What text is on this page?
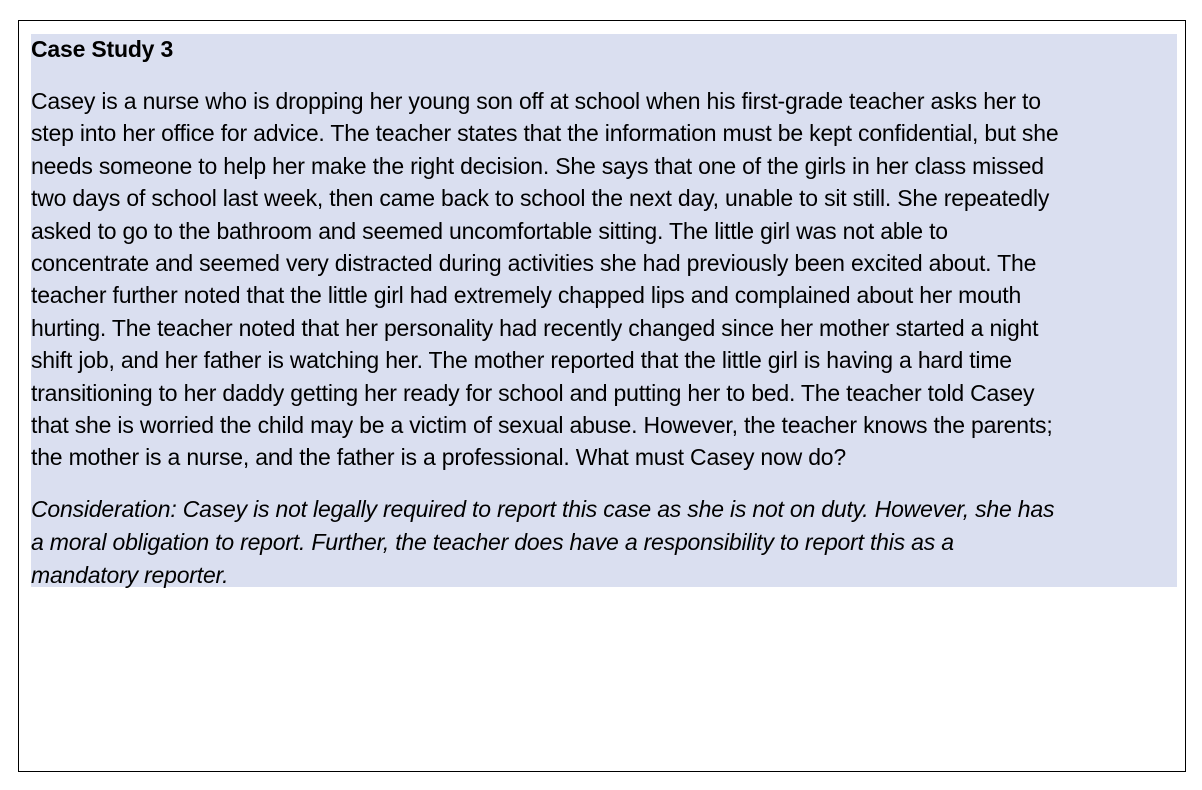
Case Study 3
Casey is a nurse who is dropping her young son off at school when his first-grade teacher asks her to
step into her office for advice. The teacher states that the information must be kept confidential, but she
needs someone to help her make the right decision. She says that one of the girls in her class missed
two days of school last week, then came back to school the next day, unable to sit still. She repeatedly
asked to go to the bathroom and seemed uncomfortable sitting. The little girl was not able to
concentrate and seemed very distracted during activities she had previously been excited about. The
teacher further noted that the little girl had extremely chapped lips and complained about her mouth
hurting. The teacher noted that her personality had recently changed since her mother started a night
shift job, and her father is watching her. The mother reported that the little girl is having a hard time
transitioning to her daddy getting her ready for school and putting her to bed. The teacher told Casey
that she is worried the child may be a victim of sexual abuse. However, the teacher knows the parents;
the mother is a nurse, and the father is a professional. What must Casey now do?
Consideration: Casey is not legally required to report this case as she is not on duty. However, she has
a moral obligation to report. Further, the teacher does have a responsibility to report this as a
mandatory reporter.
